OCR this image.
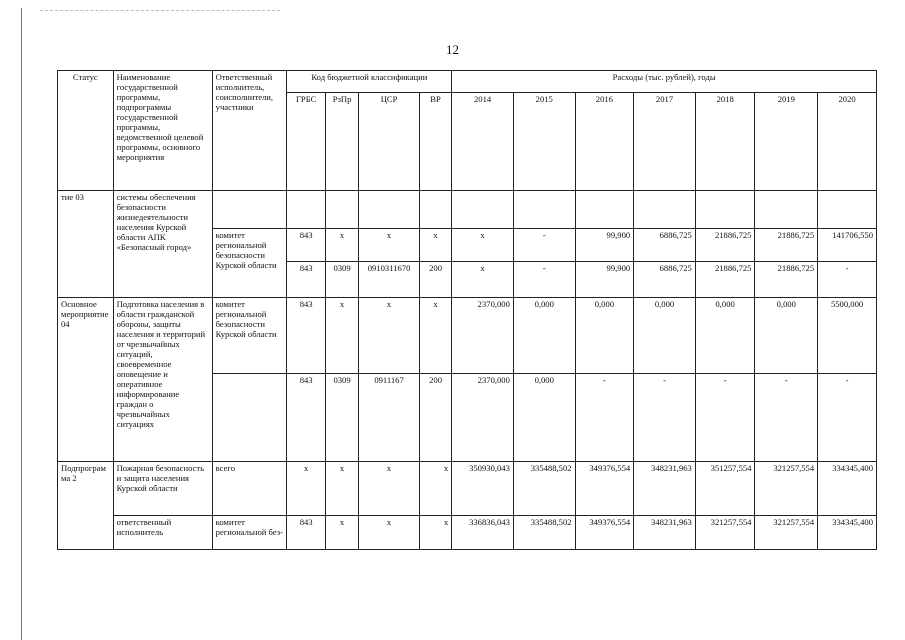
12
Статус	Наименование государственной программы, подпрограммы государственной программы, ведомственной целевой программы, основного мероприятия	Ответственный исполнитель, соисполнители, участники	Код бюджетной классификации				Расходы (тыс. рублей), годы						
			ГРБС	РзПр	ЦСР	ВР	2014	2015	2016	2017	2018	2019	2020
тие 03	системы обеспечения безопасности жизнедеятельности населения Курской области АПК «Безопасный город»												
		комитет региональной безопасности Курской области	843	х	х	х	х	-	99,900	6886,725	21886,725	21886,725	141706,550
			843	0309	0910311670	200	х	-	99,900	6886,725	21886,725	21886,725	-
Основное мероприятие 04	Подготовка населения в области гражданской обороны, защиты населения и территорий от чрезвычайных ситуаций, своевременное оповещение и оперативное информирование граждан о чрезвычайных ситуациях	комитет региональной безопасности Курской области	843	х	х	х	2370,000	0,000	0,000	0,000	0,000	0,000	5500,000
			843	0309	0911167	200	2370,000	0,000	-	-	-	-	-
Подпрограмма 2	Пожарная безопасность и защита населения Курской области	всего	х	х	х	х	350930,043	335488,502	349376,554	348231,963	351257,554	321257,554	334345,400
	ответственный исполнитель	комитет региональной без-	843	х	х	х	336836,043	335488,502	349376,554	348231,963	321257,554	321257,554	334345,400
